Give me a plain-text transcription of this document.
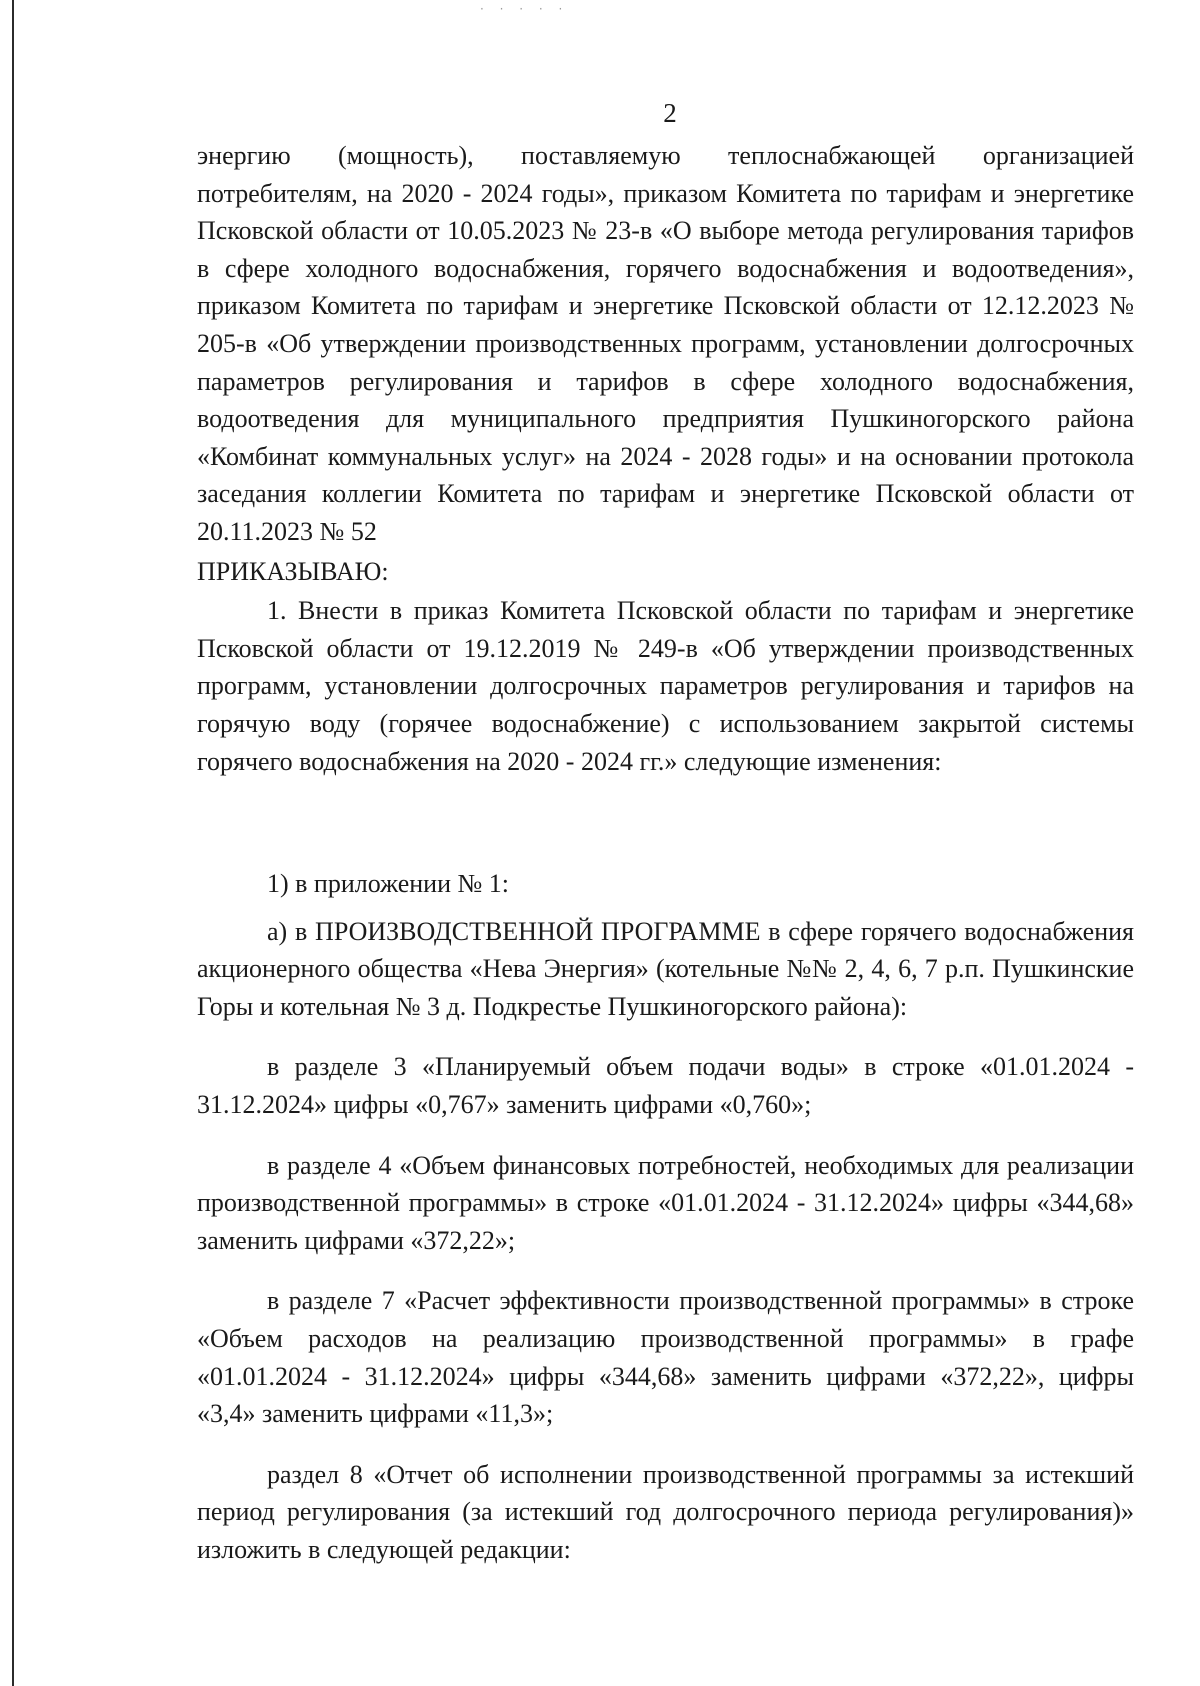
· · · · ·
2

энергию (мощность), поставляемую теплоснабжающей организацией потребителям, на 2020 - 2024 годы», приказом Комитета по тарифам и энергетике Псковской области от 10.05.2023 № 23-в «О выборе метода регулирования тарифов в сфере холодного водоснабжения, горячего водоснабжения и водоотведения», приказом Комитета по тарифам и энергетике Псковской области от 12.12.2023 № 205-в «Об утверждении производственных программ, установлении долгосрочных параметров регулирования и тарифов в сфере холодного водоснабжения, водоотведения для муниципального предприятия Пушкиногорского района «Комбинат коммунальных услуг» на 2024 - 2028 годы» и на основании протокола заседания коллегии Комитета по тарифам и энергетике Псковской области от 20.11.2023 № 52

ПРИКАЗЫВАЮ:

1. Внести в приказ Комитета Псковской области по тарифам и энергетике Псковской области от 19.12.2019 № 249-в «Об утверждении производственных программ, установлении долгосрочных параметров регулирования и тарифов на горячую воду (горячее водоснабжение) с использованием закрытой системы горячего водоснабжения на 2020 - 2024 гг.» следующие изменения:

1) в приложении № 1:

а) в ПРОИЗВОДСТВЕННОЙ ПРОГРАММЕ в сфере горячего водоснабжения акционерного общества «Нева Энергия» (котельные №№ 2, 4, 6, 7 р.п. Пушкинские Горы и котельная № 3 д. Подкрестье Пушкиногорского района):

в разделе 3 «Планируемый объем подачи воды» в строке «01.01.2024 - 31.12.2024» цифры «0,767» заменить цифрами «0,760»;

в разделе 4 «Объем финансовых потребностей, необходимых для реализации производственной программы» в строке «01.01.2024 - 31.12.2024» цифры «344,68» заменить цифрами «372,22»;

в разделе 7 «Расчет эффективности производственной программы» в строке «Объем расходов на реализацию производственной программы» в графе «01.01.2024 - 31.12.2024» цифры «344,68» заменить цифрами «372,22», цифры «3,4» заменить цифрами «11,3»;

раздел 8 «Отчет об исполнении производственной программы за истекший период регулирования (за истекший год долгосрочного периода регулирования)» изложить в следующей редакции:
